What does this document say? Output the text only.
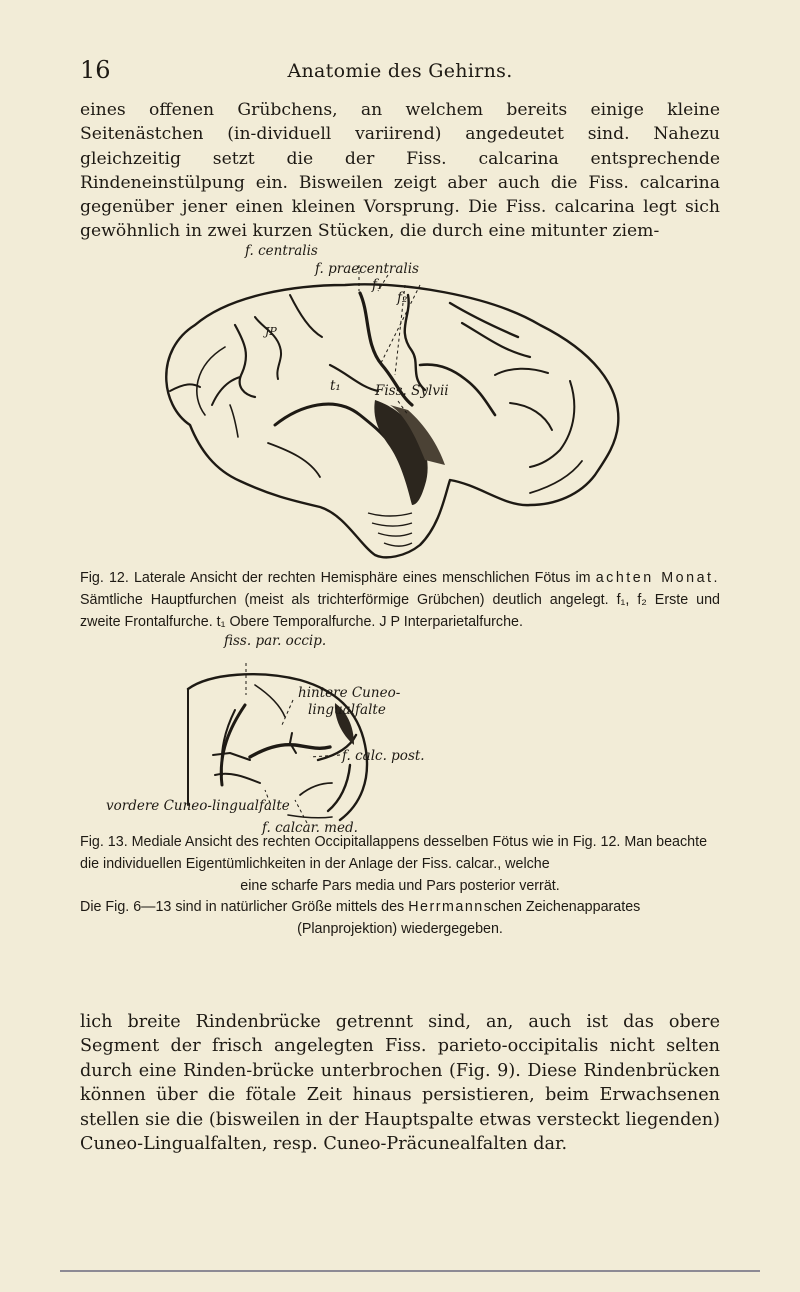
16	Anatomie des Gehirns.

eines offenen Grübchens, an welchem bereits einige kleine Seitenästchen (in-dividuell variirend) angedeutet sind. Nahezu gleichzeitig setzt die der Fiss. calcarina entsprechende Rindeneinstülpung ein. Bisweilen zeigt aber auch die Fiss. calcarina gegenüber jener einen kleinen Vorsprung. Die Fiss. calcarina legt sich gewöhnlich in zwei kurzen Stücken, die durch eine mitunter ziem-

f. centralis
f. praecentralis
f₁
f₂
JP
t₁	Fiss. Sylvii
Fig. 12. Laterale Ansicht der rechten Hemisphäre eines menschlichen Fötus im achten Monat. Sämtliche Hauptfurchen (meist als trichterförmige Grübchen) deutlich angelegt. f₁, f₂ Erste und zweite Frontalfurche. t₁ Obere Temporalfurche. J P Interparietalfurche.
fiss. par. occip.
hintere Cuneo-
lingualfalte
f. calc. post.
vordere Cuneo-lingualfalte
f. calcar. med.
Fig. 13. Mediale Ansicht des rechten Occipitallappens desselben Fötus wie in Fig. 12. Man beachte die individuellen Eigentümlichkeiten in der Anlage der Fiss. calcar., welche
eine scharfe Pars media und Pars posterior verrät.
Die Fig. 6—13 sind in natürlicher Größe mittels des Herrmannschen Zeichenapparates
(Planprojektion) wiedergegeben.

lich breite Rindenbrücke getrennt sind, an, auch ist das obere Segment der frisch angelegten Fiss. parieto-occipitalis nicht selten durch eine Rinden-brücke unterbrochen (Fig. 9). Diese Rindenbrücken können über die fötale Zeit hinaus persistieren, beim Erwachsenen stellen sie die (bisweilen in der Hauptspalte etwas versteckt liegenden) Cuneo-Lingualfalten, resp. Cuneo-Präcunealfalten dar.
